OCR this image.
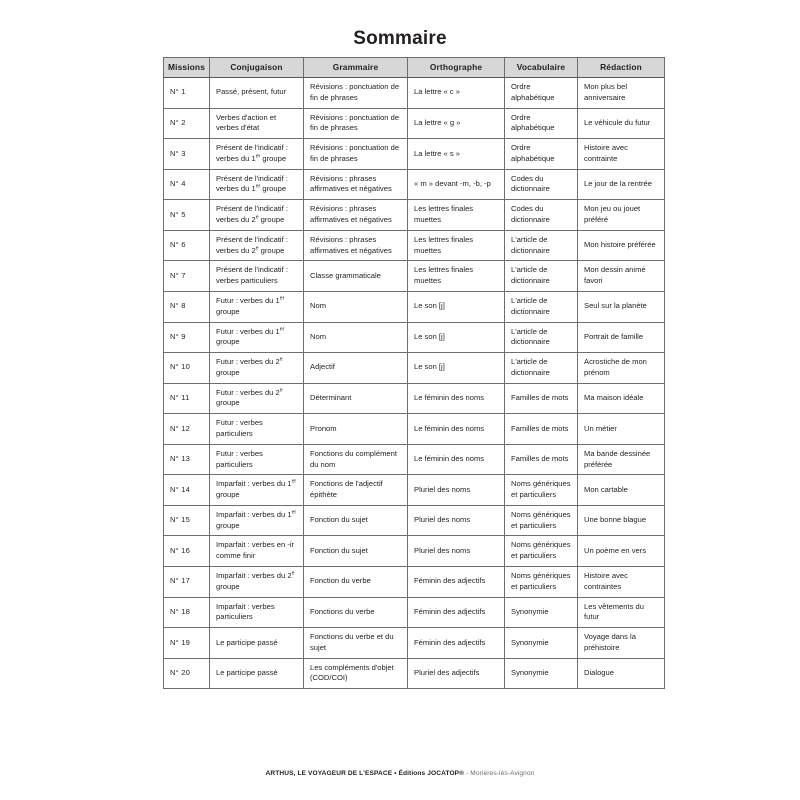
Sommaire
Missions	Conjugaison	Grammaire	Orthographe	Vocabulaire	Rédaction
N° 1	Passé, présent, futur	Révisions : ponctuation de fin de phrases	La lettre « c »	Ordre alphabétique	Mon plus bel anniversaire
N° 2	Verbes d'action et verbes d'état	Révisions : ponctuation de fin de phrases	La lettre « g »	Ordre alphabétique	Le véhicule du futur
N° 3	Présent de l'indicatif : verbes du 1er groupe	Révisions : ponctuation de fin de phrases	La lettre « s »	Ordre alphabétique	Histoire avec contrainte
N° 4	Présent de l'indicatif : verbes du 1er groupe	Révisions : phrases affirmatives et négatives	« m » devant -m, -b, -p	Codes du dictionnaire	Le jour de la rentrée
N° 5	Présent de l'indicatif : verbes du 2e groupe	Révisions : phrases affirmatives et négatives	Les lettres finales muettes	Codes du dictionnaire	Mon jeu ou jouet préféré
N° 6	Présent de l'indicatif : verbes du 2e groupe	Révisions : phrases affirmatives et négatives	Les lettres finales muettes	L'article de dictionnaire	Mon histoire préférée
N° 7	Présent de l'indicatif : verbes particuliers	Classe grammaticale	Les lettres finales muettes	L'article de dictionnaire	Mon dessin animé favori
N° 8	Futur : verbes du 1er groupe	Nom	Le son [j]	L'article de dictionnaire	Seul sur la planète
N° 9	Futur : verbes du 1er groupe	Nom	Le son [j]	L'article de dictionnaire	Portrait de famille
N° 10	Futur : verbes du 2e groupe	Adjectif	Le son [j]	L'article de dictionnaire	Acrostiche de mon prénom
N° 11	Futur : verbes du 2e groupe	Déterminant	Le féminin des noms	Familles de mots	Ma maison idéale
N° 12	Futur : verbes particuliers	Pronom	Le féminin des noms	Familles de mots	Un métier
N° 13	Futur : verbes particuliers	Fonctions du complément du nom	Le féminin des noms	Familles de mots	Ma bande dessinée préférée
N° 14	Imparfait : verbes du 1er groupe	Fonctions de l'adjectif épithète	Pluriel des noms	Noms génériques et particuliers	Mon cartable
N° 15	Imparfait : verbes du 1er groupe	Fonction du sujet	Pluriel des noms	Noms génériques et particuliers	Une bonne blague
N° 16	Imparfait : verbes en -ir comme finir	Fonction du sujet	Pluriel des noms	Noms génériques et particuliers	Un poème en vers
N° 17	Imparfait : verbes du 2e groupe	Fonction du verbe	Féminin des adjectifs	Noms génériques et particuliers	Histoire avec contraintes
N° 18	Imparfait : verbes particuliers	Fonctions du verbe	Féminin des adjectifs	Synonymie	Les vêtements du futur
N° 19	Le participe passé	Fonctions du verbe et du sujet	Féminin des adjectifs	Synonymie	Voyage dans la préhistoire
N° 20	Le participe passé	Les compléments d'objet (COD/COI)	Pluriel des adjectifs	Synonymie	Dialogue
ARTHUS, LE VOYAGEUR DE L'ESPACE • Éditions JOCATOP® - Morières-lès-Avignon
